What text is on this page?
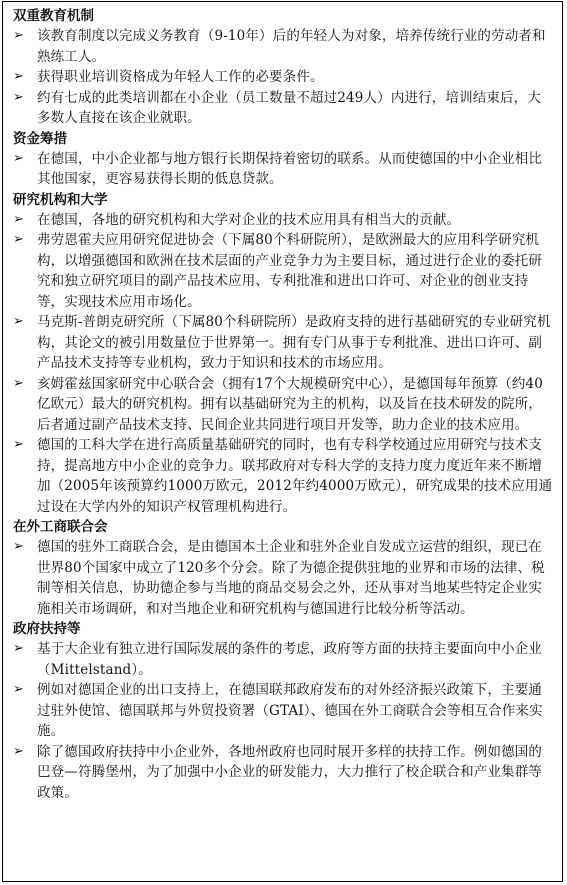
双重教育机制
➢ 该教育制度以完成义务教育（9-10年）后的年轻人为对象，培养传统行业的劳动者和熟练工人。
➢ 获得职业培训资格成为年轻人工作的必要条件。
➢ 约有七成的此类培训都在小企业（员工数量不超过249人）内进行，培训结束后，大多数人直接在该企业就职。
资金筹措
➢ 在德国，中小企业都与地方银行长期保持着密切的联系。从而使德国的中小企业相比其他国家，更容易获得长期的低息贷款。
研究机构和大学
➢ 在德国，各地的研究机构和大学对企业的技术应用具有相当大的贡献。
➢ 弗劳恩霍夫应用研究促进协会（下属80个科研院所），是欧洲最大的应用科学研究机构，以增强德国和欧洲在技术层面的产业竞争力为主要目标，通过进行企业的委托研究和独立研究项目的副产品技术应用、专利批准和进出口许可、对企业的创业支持等，实现技术应用市场化。
➢ 马克斯-普朗克研究所（下属80个科研院所）是政府支持的进行基础研究的专业研究机构，其论文的被引用数量位于世界第一。拥有专门从事于专利批准、进出口许可、副产品技术支持等专业机构，致力于知识和技术的市场应用。
➢ 亥姆霍兹国家研究中心联合会（拥有17个大规模研究中心），是德国每年预算（约40亿欧元）最大的研究机构。拥有以基础研究为主的机构，以及旨在技术研发的院所，后者通过副产品技术支持、民间企业共同进行项目开发等，助力企业的技术应用。
➢ 德国的工科大学在进行高质量基础研究的同时，也有专科学校通过应用研究与技术支持，提高地方中小企业的竞争力。联邦政府对专科大学的支持力度力度近年来不断增加（2005年该预算约1000万欧元，2012年约4000万欧元），研究成果的技术应用通过设在大学内外的知识产权管理机构进行。
在外工商联合会
➢ 德国的驻外工商联合会，是由德国本土企业和驻外企业自发成立运营的组织，现已在世界80个国家中成立了120多个分会。除了为德企提供驻地的业界和市场的法律、税制等相关信息，协助德企参与当地的商品交易会之外，还从事对当地某些特定企业实施相关市场调研，和对当地企业和研究机构与德国进行比较分析等活动。
政府扶持等
➢ 基于大企业有独立进行国际发展的条件的考虑，政府等方面的扶持主要面向中小企业（Mittelstand）。
➢ 例如对德国企业的出口支持上，在德国联邦政府发布的对外经济振兴政策下，主要通过驻外使馆、德国联邦与外贸投资署（GTAI）、德国在外工商联合会等相互合作来实施。
➢ 除了德国政府扶持中小企业外，各地州政府也同时展开多样的扶持工作。例如德国的巴登—符腾堡州，为了加强中小企业的研发能力，大力推行了校企联合和产业集群等政策。
